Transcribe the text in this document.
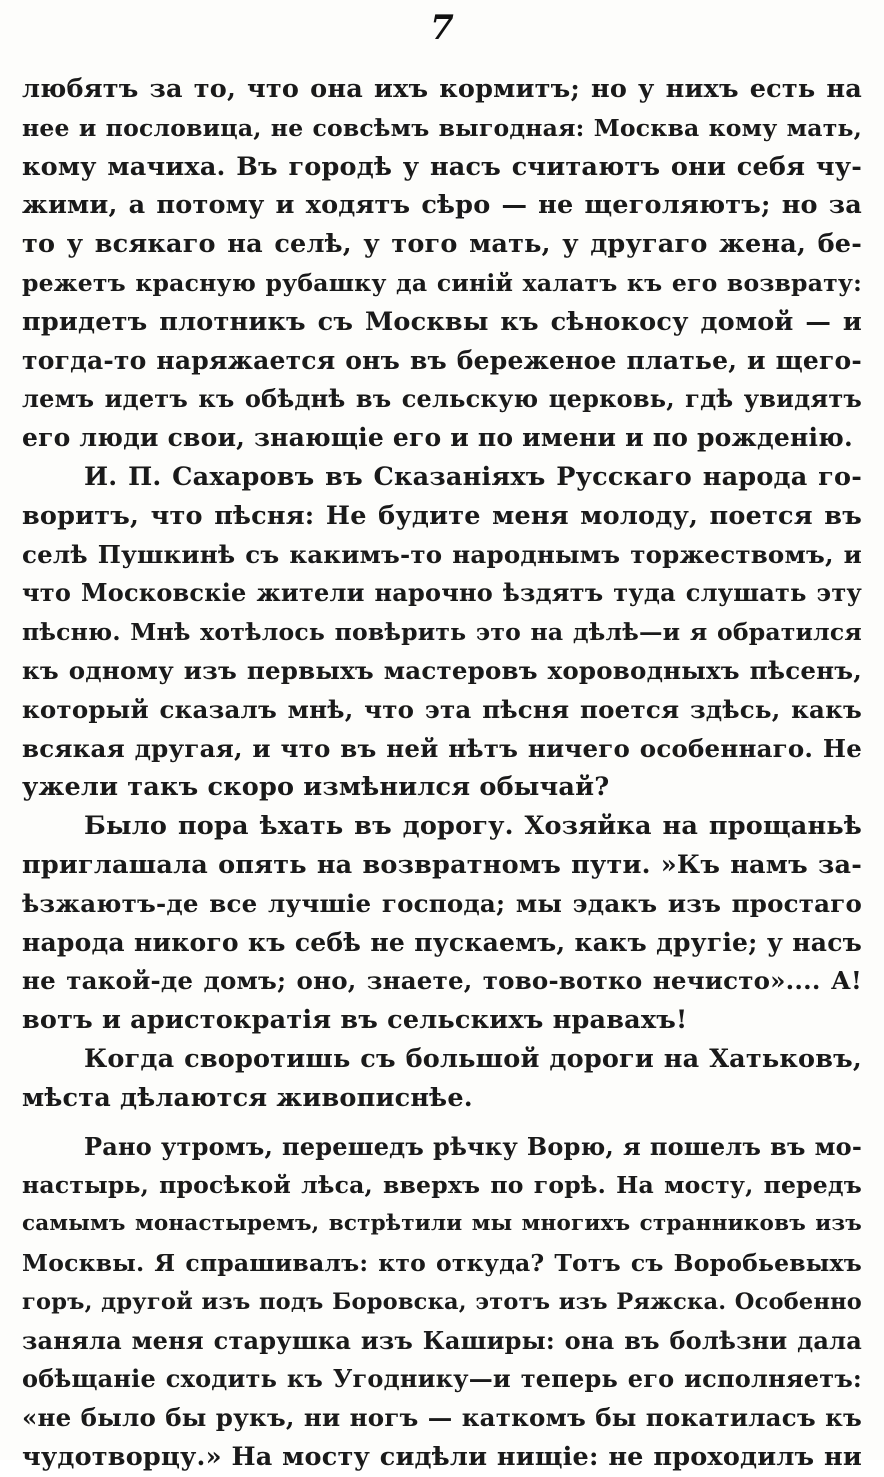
7
любятъ за то, что она ихъ кормитъ; но у нихъ есть на
нее и пословица, не совсѣмъ выгодная: Москва кому мать,
кому мачиха. Въ городѣ у насъ считаютъ они себя чу-
жими, а потому и ходятъ сѣро — не щеголяютъ; но за
то у всякаго на селѣ, у того мать, у другаго жена, бе-
режетъ красную рубашку да синій халатъ къ его возврату:
придетъ плотникъ съ Москвы къ сѣнокосу домой — и
тогда-то наряжается онъ въ береженое платье, и щего-
лемъ идетъ къ обѣднѣ въ сельскую церковь, гдѣ увидятъ
его люди свои, знающіе его и по имени и по рожденію.
И. П. Сахаровъ въ Сказаніяхъ Русскаго народа го-
воритъ, что пѣсня: Не будите меня молоду, поется въ
селѣ Пушкинѣ съ какимъ-то народнымъ торжествомъ, и
что Московскіе жители нарочно ѣздятъ туда слушать эту
пѣсню. Мнѣ хотѣлось повѣрить это на дѣлѣ—и я обратился
къ одному изъ первыхъ мастеровъ хороводныхъ пѣсенъ,
который сказалъ мнѣ, что эта пѣсня поется здѣсь, какъ
всякая другая, и что въ ней нѣтъ ничего особеннаго. Не
ужели такъ скоро измѣнился обычай?
Было пора ѣхать въ дорогу. Хозяйка на прощаньѣ
приглашала опять на возвратномъ пути. »Къ намъ за-
ѣзжаютъ-де все лучшіе господа; мы эдакъ изъ простаго
народа никого къ себѣ не пускаемъ, какъ другіе; у насъ
не такой-де домъ; оно, знаете, тово-вотко нечисто».... А!
вотъ и аристократія въ сельскихъ нравахъ!
Когда своротишь съ большой дороги на Хатьковъ,
мѣста дѣлаются живописнѣе.
Рано утромъ, перешедъ рѣчку Ворю, я пошелъ въ мо-
настырь, просѣкой лѣса, вверхъ по горѣ. На мосту, передъ
самымъ монастыремъ, встрѣтили мы многихъ странниковъ изъ
Москвы. Я спрашивалъ: кто откуда? Тотъ съ Воробьевыхъ
горъ, другой изъ подъ Боровска, этотъ изъ Ряжска. Особенно
заняла меня старушка изъ Каширы: она въ болѣзни дала
обѣщаніе сходить къ Угоднику—и теперь его исполняетъ:
«не было бы рукъ, ни ногъ — каткомъ бы покатиласъ къ
чудотворцу.» На мосту сидѣли нищіе: не проходилъ ни
